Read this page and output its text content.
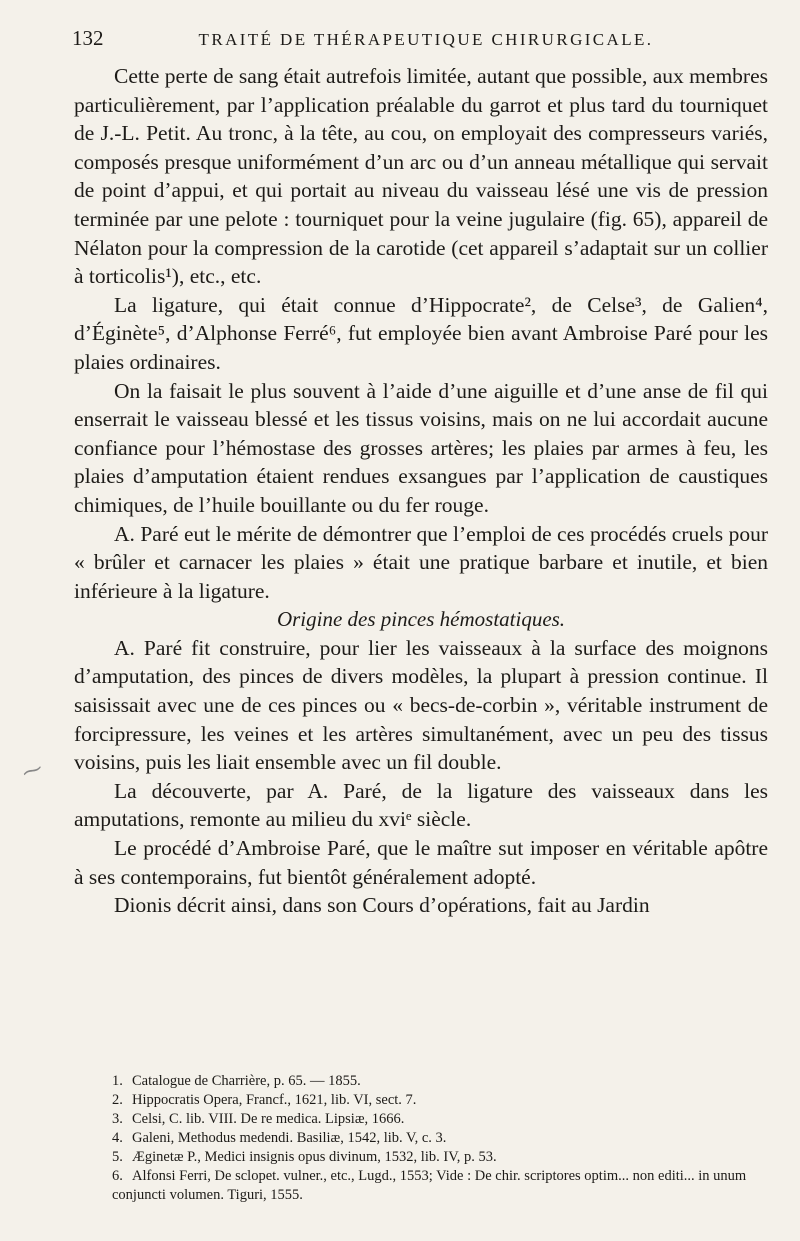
132	TRAITÉ DE THÉRAPEUTIQUE CHIRURGICALE.
⁓

Cette perte de sang était autrefois limitée, autant que possible, aux membres particulièrement, par l’application préalable du garrot et plus tard du tourniquet de J.-L. Petit. Au tronc, à la tête, au cou, on employait des compresseurs variés, composés presque uniformément d’un arc ou d’un anneau métallique qui servait de point d’appui, et qui portait au niveau du vaisseau lésé une vis de pression terminée par une pelote : tourniquet pour la veine jugulaire (fig. 65), appareil de Nélaton pour la compression de la carotide (cet appareil s’adaptait sur un collier à torticolis¹), etc., etc.

La ligature, qui était connue d’Hippocrate², de Celse³, de Galien⁴, d’Éginète⁵, d’Alphonse Ferré⁶, fut employée bien avant Ambroise Paré pour les plaies ordinaires.

On la faisait le plus souvent à l’aide d’une aiguille et d’une anse de fil qui enserrait le vaisseau blessé et les tissus voisins, mais on ne lui accordait aucune confiance pour l’hémostase des grosses artères; les plaies par armes à feu, les plaies d’amputation étaient rendues exsangues par l’application de caustiques chimiques, de l’huile bouillante ou du fer rouge.

A. Paré eut le mérite de démontrer que l’emploi de ces procédés cruels pour « brûler et carnacer les plaies » était une pratique barbare et inutile, et bien inférieure à la ligature.

Origine des pinces hémostatiques.

A. Paré fit construire, pour lier les vaisseaux à la surface des moignons d’amputation, des pinces de divers modèles, la plupart à pression continue. Il saisissait avec une de ces pinces ou « becs-de-corbin », véritable instrument de forcipressure, les veines et les artères simultanément, avec un peu des tissus voisins, puis les liait ensemble avec un fil double.

La découverte, par A. Paré, de la ligature des vaisseaux dans les amputations, remonte au milieu du xviᵉ siècle.

Le procédé d’Ambroise Paré, que le maître sut imposer en véritable apôtre à ses contemporains, fut bientôt généralement adopté.

Dionis décrit ainsi, dans son Cours d’opérations, fait au Jardin

1. Catalogue de Charrière, p. 65. — 1855.

2. Hippocratis Opera, Francf., 1621, lib. VI, sect. 7.

3. Celsi, C. lib. VIII. De re medica. Lipsiæ, 1666.

4. Galeni, Methodus medendi. Basiliæ, 1542, lib. V, c. 3.

5. Æginetæ P., Medici insignis opus divinum, 1532, lib. IV, p. 53.

6. Alfonsi Ferri, De sclopet. vulner., etc., Lugd., 1553; Vide : De chir. scriptores optim... non editi... in unum conjuncti volumen. Tiguri, 1555.
